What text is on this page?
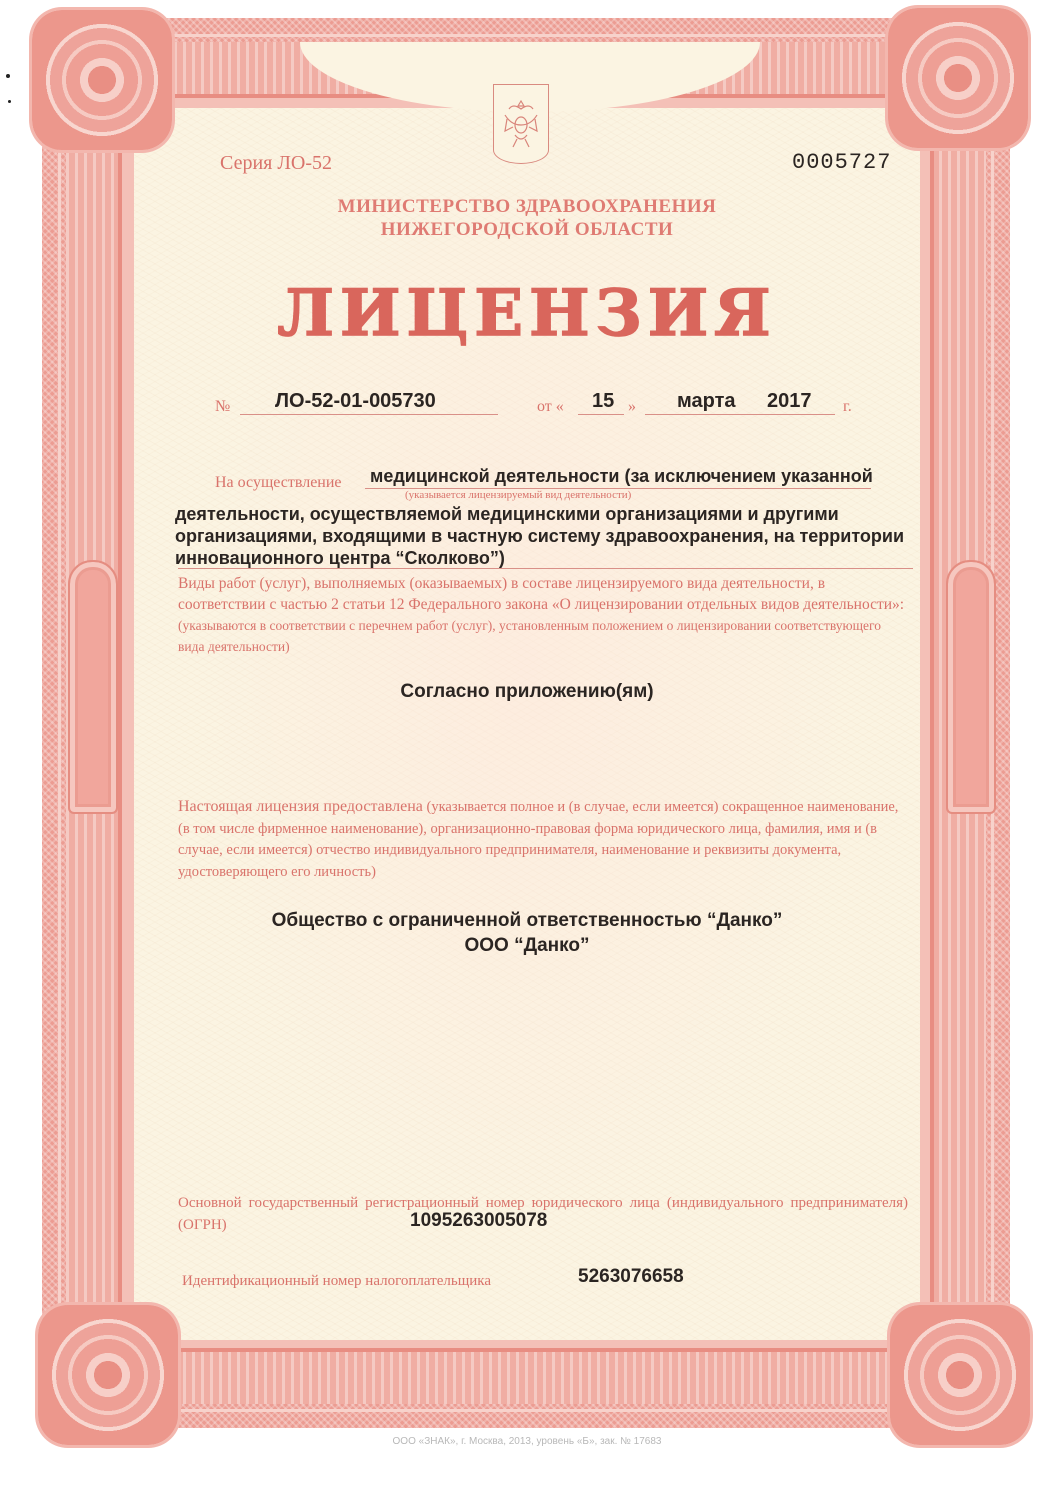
Серия ЛО-52	0005727
МИНИСТЕРСТВО ЗДРАВООХРАНЕНИЯ
НИЖЕГОРОДСКОЙ ОБЛАСТИ
ЛИЦЕНЗИЯ
№ ЛО-52-01-005730	от « 15 » марта 2017 г.
На осуществление медицинской деятельности (за исключением указанной
(указывается лицензируемый вид деятельности)
деятельности, осуществляемой медицинскими организациями и другими организациями, входящими в частную систему здравоохранения, на территории инновационного центра “Сколково”)
Виды работ (услуг), выполняемых (оказываемых) в составе лицензируемого вида деятельности, в соответствии с частью 2 статьи 12 Федерального закона «О лицензировании отдельных видов деятельности»: (указываются в соответствии с перечнем работ (услуг), установленным положением о лицензировании соответствующего вида деятельности)
Согласно приложению(ям)
Настоящая лицензия предоставлена (указывается полное и (в случае, если имеется) сокращенное наименование, (в том числе фирменное наименование), организационно-правовая форма юридического лица, фамилия, имя и (в случае, если имеется) отчество индивидуального предпринимателя, наименование и реквизиты документа, удостоверяющего его личность)
Общество с ограниченной ответственностью “Данко”
ООО “Данко”
Основной государственный регистрационный номер юридического лица (индивидуального предпринимателя) (ОГРН)	1095263005078
Идентификационный номер налогоплательщика	5263076658
ООО «ЗНАК», г. Москва, 2013, уровень «Б», зак. № 17683
